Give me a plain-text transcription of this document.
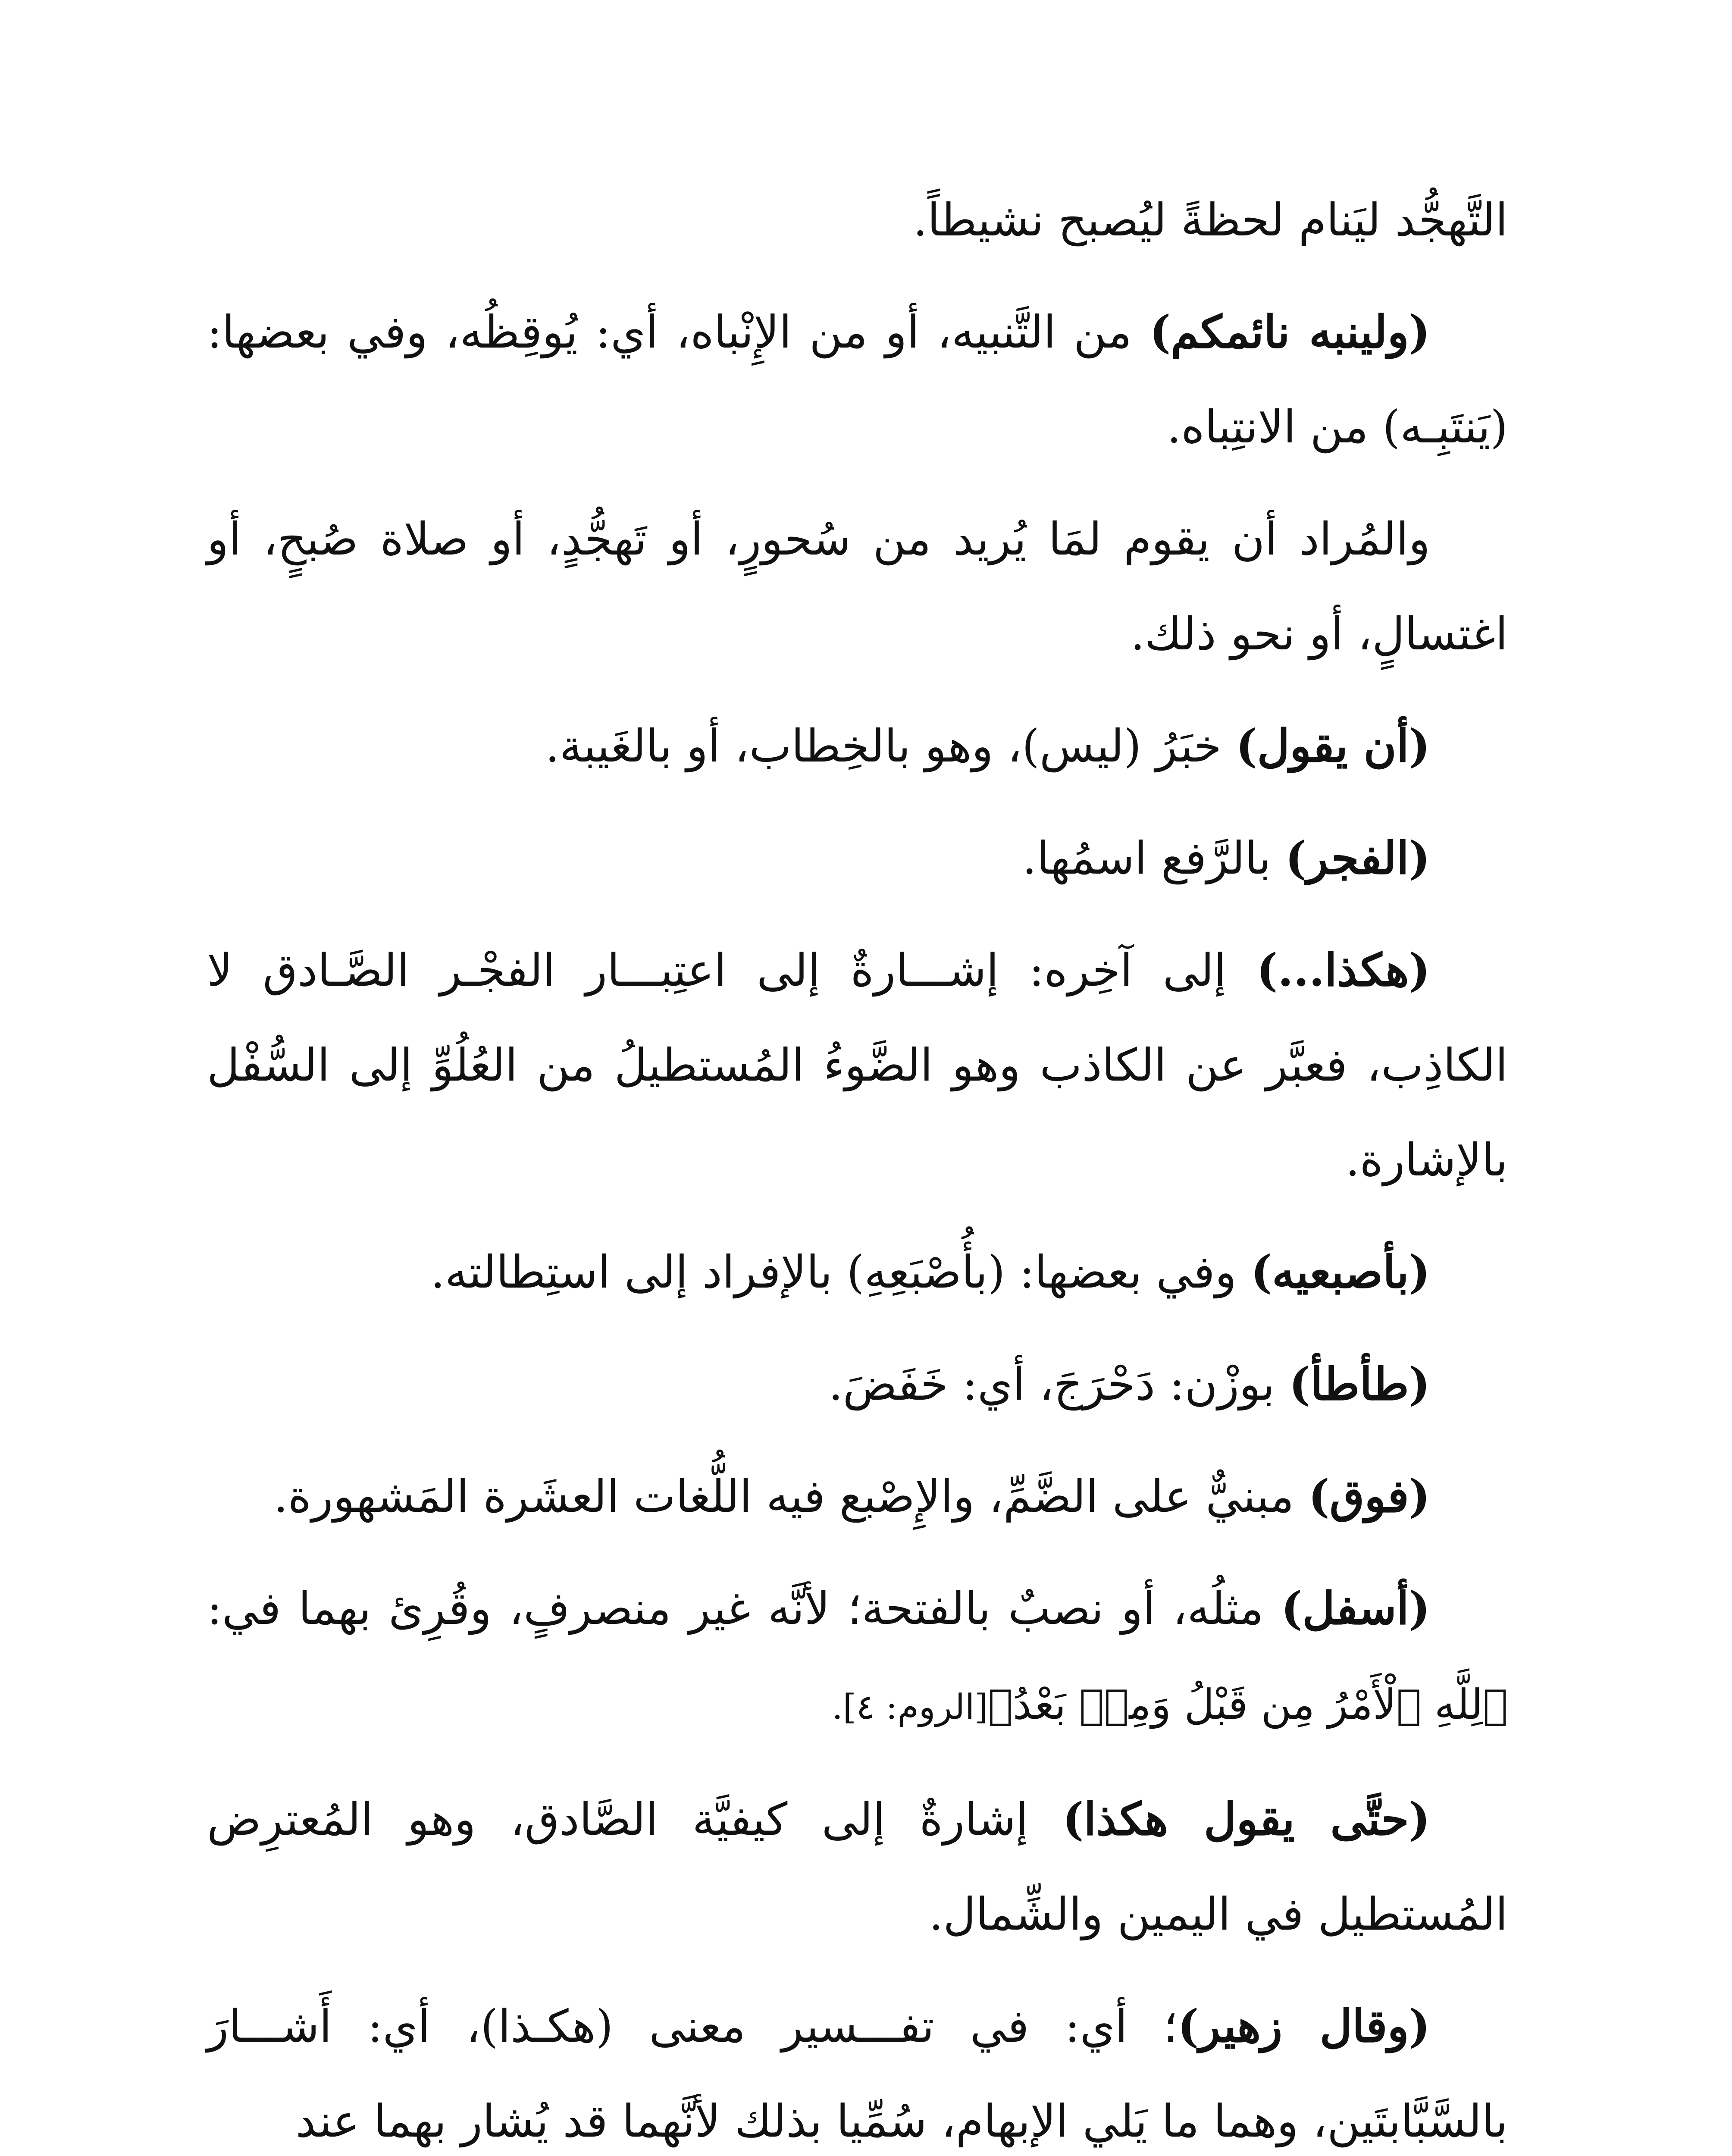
التَّهجُّد ليَنام لحظةً ليُصبح نشيطاً.

(ولينبه نائمكم) من التَّنبيه، أو من الإِنْباه، أي: يُوقِظُه، وفي بعضها: (يَنتَبِـه) من الانتِباه.

والمُراد أن يقوم لمَا يُريد من سُحورٍ، أو تَهجُّدٍ، أو صلاة صُبحٍ، أو اغتسالٍ، أو نحو ذلك.

(أن يقول) خبَرُ (ليس)، وهو بالخِطاب، أو بالغَيبة.

(الفجر) بالرَّفع اسمُها.

(هكذا...) إلى آخِره: إشـــارةٌ إلى اعتِبـــار الفجْـر الصَّـادق لا الكاذِب، فعبَّر عن الكاذب وهو الضَّوءُ المُستطيلُ من العُلُوِّ إلى السُّفْل بالإشارة.

(بأصبعيه) وفي بعضها: (بأُصْبَعِهِ) بالإفراد إلى استِطالته.

(طأطأ) بوزْن: دَحْرَجَ، أي: خَفَضَ.

(فوق) مبنيٌّ على الضَّمِّ، والإِصْبع فيه اللُّغات العشَرة المَشهورة.

(أسفل) مثلُه، أو نصبٌ بالفتحة؛ لأنَّه غير منصرفٍ، وقُرِئ بهما في: ﴿لِلَّهِ ٱلْأَمْرُ مِن قَبْلُ وَمِنۢ بَعْدُ﴾[الروم: ٤].

(حتَّى يقول هكذا) إشارةٌ إلى كيفيَّة الصَّادق، وهو المُعترِض المُستطيل في اليمين والشِّمال.

(وقال زهير)؛ أي: في تفـــسير معنى (هكـذا)، أي: أَشـــارَ بالسَّبَّابتَين، وهما ما يَلي الإبهام، سُمِّيا بذلك لأنَّهما قد يُشار بهما عند
